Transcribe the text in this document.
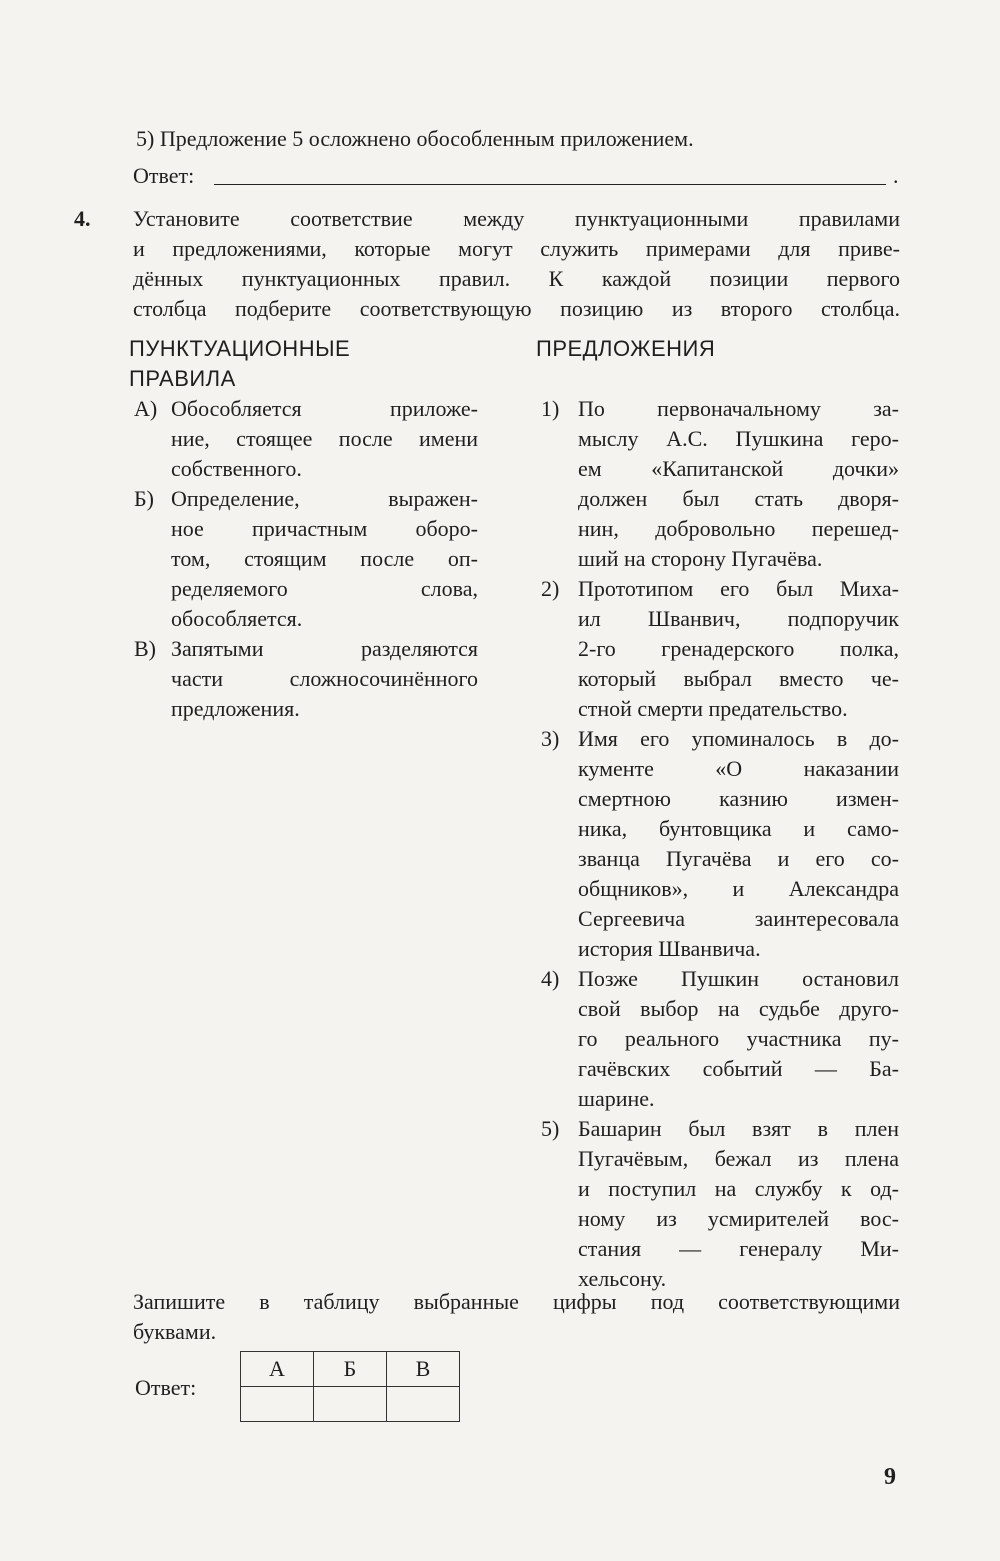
5) Предложение 5 осложнено обособленным приложением.
Ответ:	.
4. Установите соответствие между пунктуационными правилами
и предложениями, которые могут служить примерами для приве-
дённых пунктуационных правил. К каждой позиции первого
столбца подберите соответствующую позицию из второго столбца.
ПУНКТУАЦИОННЫЕ
ПРАВИЛА
ПРЕДЛОЖЕНИЯ
А) Обособляется приложе-
ние, стоящее после имени
собственного.
Б) Определение, выражен-
ное причастным оборо-
том, стоящим после оп-
ределяемого слова,
обособляется.
В) Запятыми разделяются
части сложносочинённого
предложения.
1) По первоначальному за-
мыслу А.С. Пушкина геро-
ем «Капитанской дочки»
должен был стать дворя-
нин, добровольно перешед-
ший на сторону Пугачёва.
2) Прототипом его был Миха-
ил Шванвич, подпоручик
2-го гренадерского полка,
который выбрал вместо че-
стной смерти предательство.
3) Имя его упоминалось в до-
кументе «О наказании
смертною казнию измен-
ника, бунтовщика и само-
званца Пугачёва и его со-
общников», и Александра
Сергеевича заинтересовала
история Шванвича.
4) Позже Пушкин остановил
свой выбор на судьбе друго-
го реального участника пу-
гачёвских событий — Ба-
шарине.
5) Башарин был взят в плен
Пугачёвым, бежал из плена
и поступил на службу к од-
ному из усмирителей вос-
стания — генералу Ми-
хельсону.
Запишите в таблицу выбранные цифры под соответствующими
буквами.
Ответ:
А	Б	В

9
